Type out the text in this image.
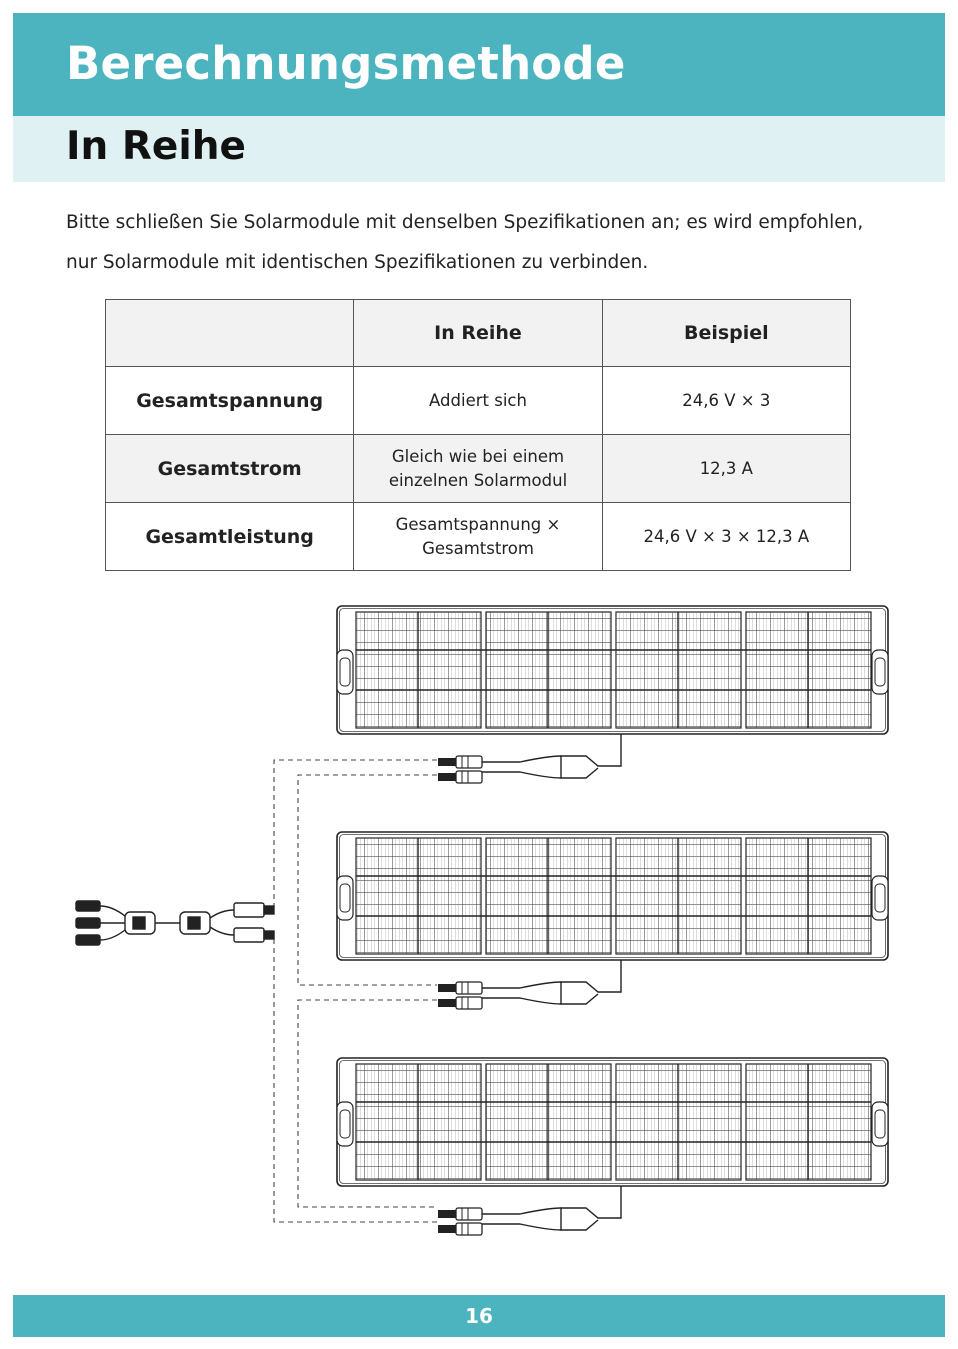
Berechnungsmethode
In Reihe

Bitte schließen Sie Solarmodule mit denselben Spezifikationen an; es wird empfohlen, nur Solarmodule mit identischen Spezifikationen zu verbinden.

	In Reihe	Beispiel
Gesamtspannung	Addiert sich	24,6 V × 3
Gesamtstrom	Gleich wie bei einem einzelnen Solarmodul	12,3 A
Gesamtleistung	Gesamtspannung × Gesamtstrom	24,6 V × 3 × 12,3 A
16
